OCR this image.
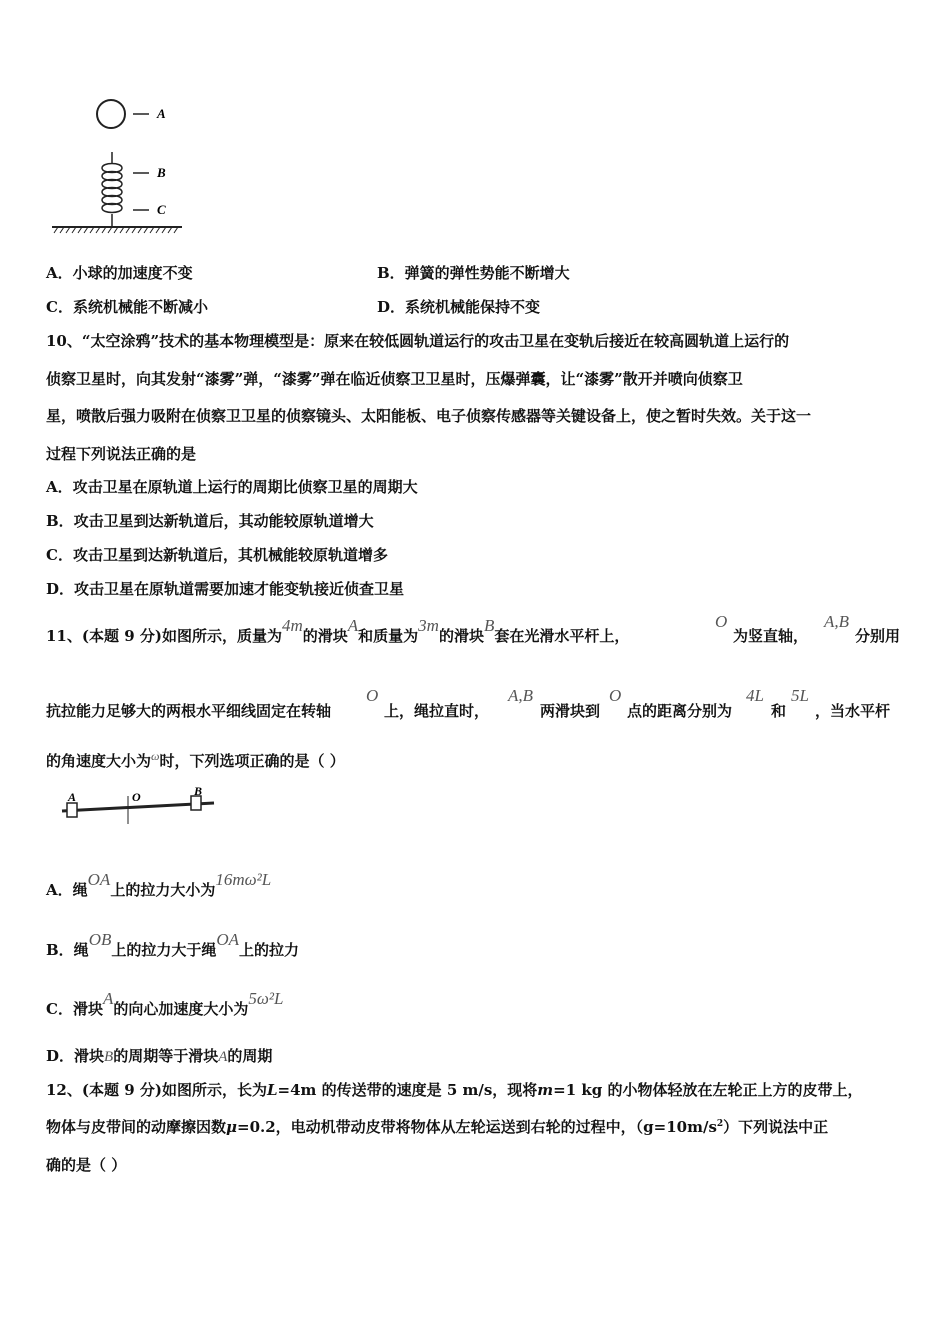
A
B
C
A．小球的加速度不变	B．弹簧的弹性势能不断增大
C．系统机械能不断减小	D．系统机械能保持不变
10、“太空涂鸦”技术的基本物理模型是：原来在较低圆轨道运行的攻击卫星在变轨后接近在较高圆轨道上运行的
侦察卫星时，向其发射“漆雾”弹，“漆雾”弹在临近侦察卫卫星时，压爆弹囊，让“漆雾”散开并喷向侦察卫
星，喷散后强力吸附在侦察卫卫星的侦察镜头、太阳能板、电子侦察传感器等关键设备上，使之暂时失效。关于这一
过程下列说法正确的是
A．攻击卫星在原轨道上运行的周期比侦察卫星的周期大
B．攻击卫星到达新轨道后，其动能较原轨道增大
C．攻击卫星到达新轨道后，其机械能较原轨道增多
D．攻击卫星在原轨道需要加速才能变轨接近侦查卫星
11、(本题 9 分)如图所示，质量为4m的滑块A和质量为3m的滑块B套在光滑水平杆上，
O
为竖直轴，
A,B
分别用
抗拉能力足够大的两根水平细线固定在转轴
O
上，绳拉直时，
A,B
两滑块到
O
点的距离分别为
4L
和
5L
，当水平杆
的角速度大小为$^\omega$时，下列选项正确的是（ ）
A	O	B
A．绳OA上的拉力大小为16mω²L
B．绳OB上的拉力大于绳OA上的拉力
C．滑块A的向心加速度大小为5ω²L
D．滑块B的周期等于滑块A的周期
12、(本题 9 分)如图所示，长为L=4m 的传送带的速度是 5 m/s，现将m=1 kg 的小物体轻放在左轮正上方的皮带上，
物体与皮带间的动摩擦因数μ=0.2，电动机带动皮带将物体从左轮运送到右轮的过程中，$(g=10m/s^2)$下列说法中正
确的是（ ）
